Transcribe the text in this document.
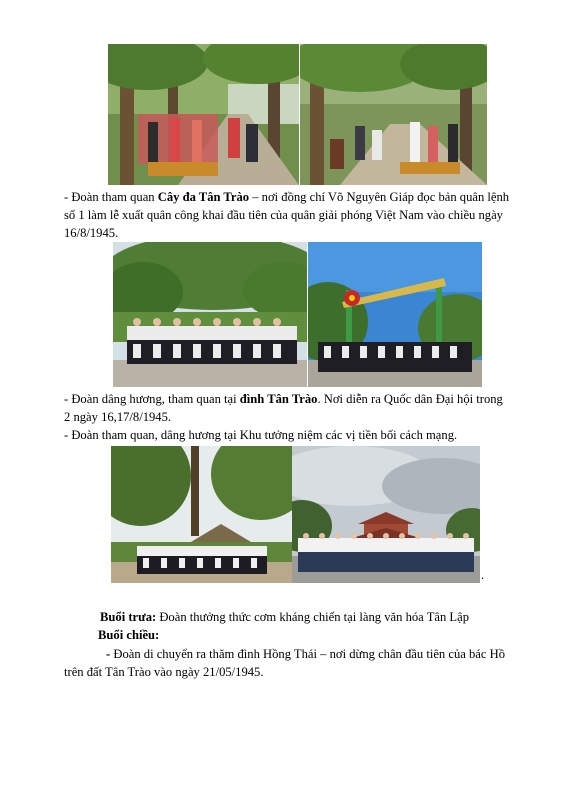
- Đoàn tham quan Cây đa Tân Trào – nơi đồng chí Võ Nguyên Giáp đọc bản quân lệnh
số 1 làm lễ xuất quân công khai đầu tiên của quân giải phóng Việt Nam vào chiều ngày
16/8/1945.
- Đoàn dâng hương, tham quan tại đình Tân Trào. Nơi diễn ra Quốc dân Đại hội trong
2 ngày 16,17/8/1945.
- Đoàn tham quan, dâng hương tại Khu tưởng niệm các vị tiền bối cách mạng.
.
Buổi trưa: Đoàn thưởng thức cơm kháng chiến tại làng văn hóa Tân Lập
Buổi chiều:
- Đoàn di chuyển ra thăm đình Hồng Thái – nơi dừng chân đầu tiên của bác Hồ
trên đất Tân Trào vào ngày 21/05/1945.
